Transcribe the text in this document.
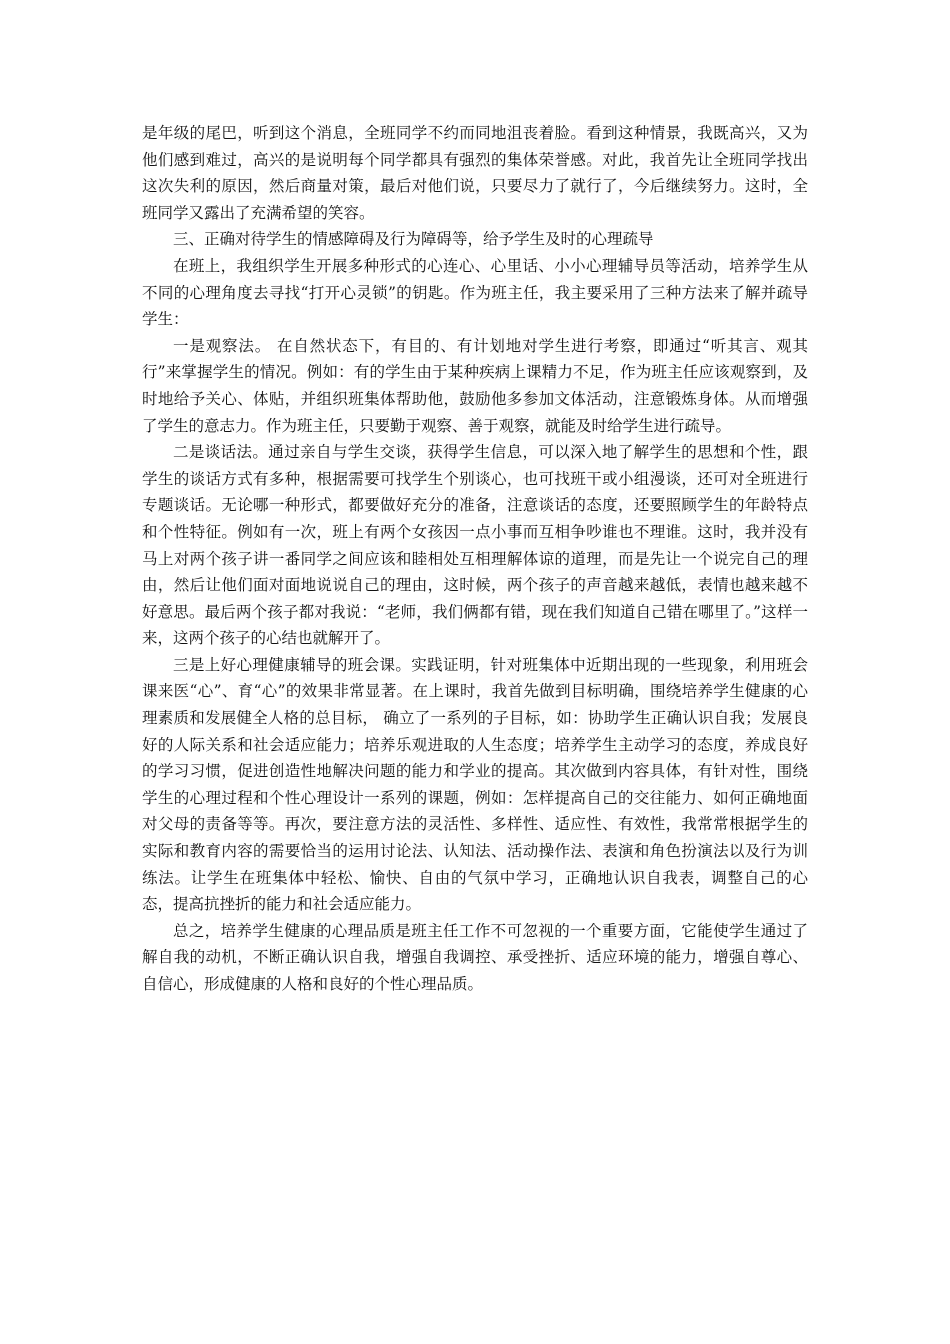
是年级的尾巴，听到这个消息，全班同学不约而同地沮丧着脸。看到这种情景，我既高兴，又为他们感到难过，高兴的是说明每个同学都具有强烈的集体荣誉感。对此，我首先让全班同学找出这次失利的原因，然后商量对策，最后对他们说，只要尽力了就行了，今后继续努力。这时，全班同学又露出了充满希望的笑容。

三、正确对待学生的情感障碍及行为障碍等，给予学生及时的心理疏导

在班上，我组织学生开展多种形式的心连心、心里话、小小心理辅导员等活动，培养学生从不同的心理角度去寻找“打开心灵锁”的钥匙。作为班主任，我主要采用了三种方法来了解并疏导学生：

一是观察法。 在自然状态下，有目的、有计划地对学生进行考察，即通过“听其言、观其行”来掌握学生的情况。例如：有的学生由于某种疾病上课精力不足，作为班主任应该观察到，及时地给予关心、体贴，并组织班集体帮助他，鼓励他多参加文体活动，注意锻炼身体。从而增强了学生的意志力。作为班主任，只要勤于观察、善于观察，就能及时给学生进行疏导。

二是谈话法。通过亲自与学生交谈，获得学生信息，可以深入地了解学生的思想和个性，跟学生的谈话方式有多种，根据需要可找学生个别谈心，也可找班干或小组漫谈，还可对全班进行专题谈话。无论哪一种形式，都要做好充分的准备，注意谈话的态度，还要照顾学生的年龄特点和个性特征。例如有一次，班上有两个女孩因一点小事而互相争吵谁也不理谁。这时，我并没有马上对两个孩子讲一番同学之间应该和睦相处互相理解体谅的道理，而是先让一个说完自己的理由，然后让他们面对面地说说自己的理由，这时候，两个孩子的声音越来越低，表情也越来越不好意思。最后两个孩子都对我说：“老师，我们俩都有错，现在我们知道自己错在哪里了。”这样一来，这两个孩子的心结也就解开了。

三是上好心理健康辅导的班会课。实践证明，针对班集体中近期出现的一些现象，利用班会课来医“心”、育“心”的效果非常显著。在上课时，我首先做到目标明确，围绕培养学生健康的心理素质和发展健全人格的总目标， 确立了一系列的子目标，如：协助学生正确认识自我；发展良好的人际关系和社会适应能力；培养乐观进取的人生态度；培养学生主动学习的态度，养成良好的学习习惯，促进创造性地解决问题的能力和学业的提高。其次做到内容具体，有针对性，围绕学生的心理过程和个性心理设计一系列的课题，例如：怎样提高自己的交往能力、如何正确地面对父母的责备等等。再次，要注意方法的灵活性、多样性、适应性、有效性，我常常根据学生的实际和教育内容的需要恰当的运用讨论法、认知法、活动操作法、表演和角色扮演法以及行为训练法。让学生在班集体中轻松、愉快、自由的气氛中学习，正确地认识自我表，调整自己的心态，提高抗挫折的能力和社会适应能力。

总之，培养学生健康的心理品质是班主任工作不可忽视的一个重要方面，它能使学生通过了解自我的动机，不断正确认识自我，增强自我调控、承受挫折、适应环境的能力，增强自尊心、自信心，形成健康的人格和良好的个性心理品质。
